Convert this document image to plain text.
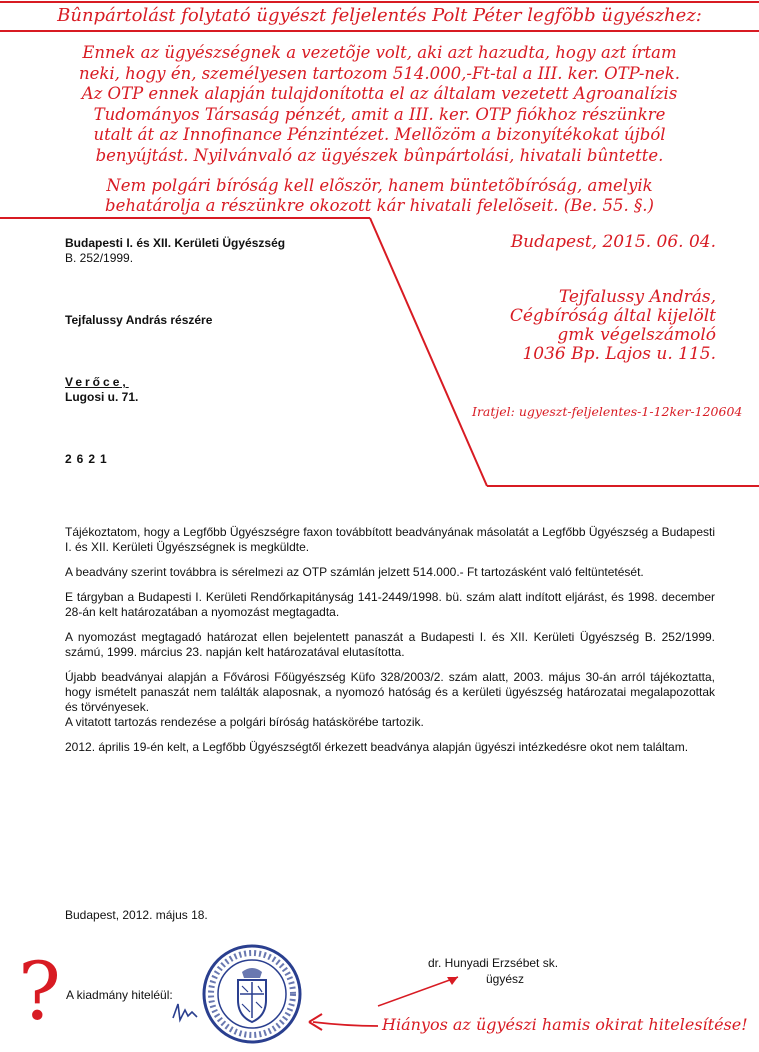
Bûnpártolást folytató ügyészt feljelentés Polt Péter legfõbb ügyészhez:
Ennek az ügyészségnek a vezetõje volt, aki azt hazudta, hogy azt írtam
neki, hogy én, személyesen tartozom 514.000,-Ft-tal a III. ker. OTP-nek.
Az OTP ennek alapján tulajdonította el az általam vezetett Agroanalízis
Tudományos Társaság pénzét, amit a III. ker. OTP fiókhoz részünkre
utalt át az Innofinance Pénzintézet. Mellõzöm a bizonyítékokat újból
benyújtást. Nyilvánvaló az ügyészek bûnpártolási, hivatali bûntette.
Nem polgári bíróság kell elõször, hanem büntetõbíróság, amelyik
behatárolja a részünkre okozott kár hivatali felelõseit. (Be. 55. §.)
Budapest, 2015. 06. 04.
Tejfalussy András,
Cégbíróság által kijelölt
gmk végelszámoló
1036 Bp. Lajos u. 115.
Iratjel: ugyeszt-feljelentes-1-12ker-120604
Budapesti I. és XII. Kerületi Ügyészség
B. 252/1999.
Tejfalussy András részére
Verőce,
Lugosi u. 71.
2621

Tájékoztatom, hogy a Legfőbb Ügyészségre faxon továbbított beadványának másolatát a Legfőbb Ügyészség a Budapesti I. és XII. Kerületi Ügyészségnek is megküldte.

A beadvány szerint továbbra is sérelmezi az OTP számlán jelzett 514.000.- Ft tartozásként való feltüntetését.

E tárgyban a Budapesti I. Kerületi Rendőrkapitányság 141-2449/1998. bü. szám alatt indított eljárást, és 1998. december 28-án kelt határozatában a nyomozást megtagadta.

A nyomozást megtagadó határozat ellen bejelentett panaszát a Budapesti I. és XII. Kerületi Ügyészség B. 252/1999. számú, 1999. március 23. napján kelt határozatával elutasította.

Újabb beadványai alapján a Fővárosi Főügyészség Küfo 328/2003/2. szám alatt, 2003. május 30-án arról tájékoztatta, hogy ismételt panaszát nem találták alaposnak, a nyomozó hatóság és a kerületi ügyészség határozatai megalapozottak és törvényesek.

A vitatott tartozás rendezése a polgári bíróság hatáskörébe tartozik.

2012. április 19-én kelt, a Legfőbb Ügyészségtől érkezett beadványa alapján ügyészi intézkedésre okot nem találtam.

Budapest, 2012. május 18.
dr. Hunyadi Erzsébet sk.
ügyész
A kiadmány hiteléül:
?	Hiányos az ügyészi hamis okirat hitelesítése!
